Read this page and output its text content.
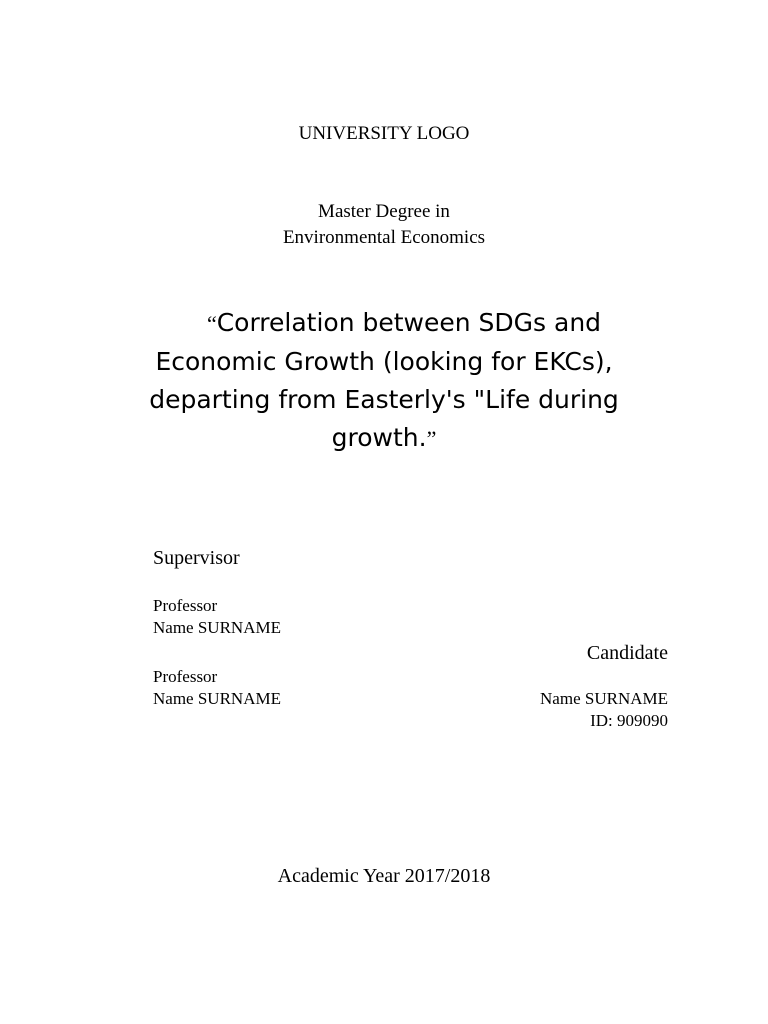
UNIVERSITY LOGO
Master Degree in
Environmental Economics
“Correlation between SDGs and
Economic Growth (looking for EKCs),
departing from Easterly's "Life during
growth.”
Supervisor
Professor
Name SURNAME
Professor
Name SURNAME
Candidate
Name SURNAME
ID: 909090
Academic Year 2017/2018
